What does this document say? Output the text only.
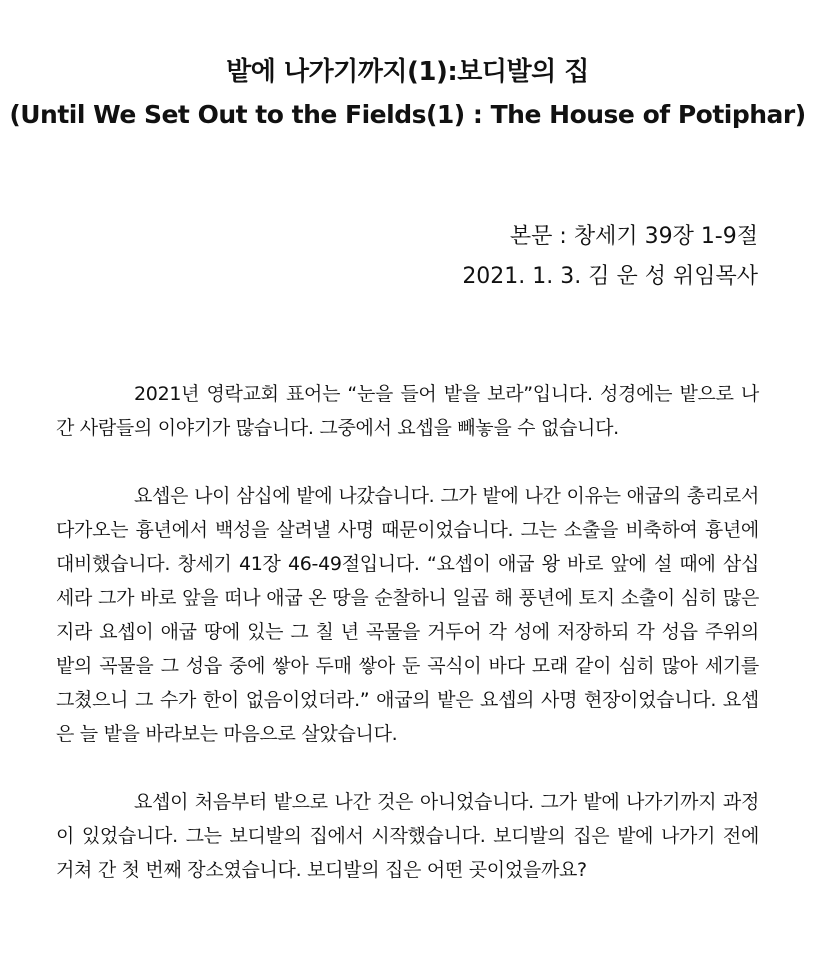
밭에 나가기까지(1):보디발의 집
(Until We Set Out to the Fields(1) : The House of Potiphar)
본문 : 창세기 39장 1-9절
2021. 1. 3. 김 운 성 위임목사

2021년 영락교회 표어는 “눈을 들어 밭을 보라”입니다. 성경에는 밭으로 나간 사람들의 이야기가 많습니다. 그중에서 요셉을 빼놓을 수 없습니다.

요셉은 나이 삼십에 밭에 나갔습니다. 그가 밭에 나간 이유는 애굽의 총리로서 다가오는 흉년에서 백성을 살려낼 사명 때문이었습니다. 그는 소출을 비축하여 흉년에 대비했습니다. 창세기 41장 46-49절입니다. “요셉이 애굽 왕 바로 앞에 설 때에 삼십 세라 그가 바로 앞을 떠나 애굽 온 땅을 순찰하니 일곱 해 풍년에 토지 소출이 심히 많은지라 요셉이 애굽 땅에 있는 그 칠 년 곡물을 거두어 각 성에 저장하되 각 성읍 주위의 밭의 곡물을 그 성읍 중에 쌓아 두매 쌓아 둔 곡식이 바다 모래 같이 심히 많아 세기를 그쳤으니 그 수가 한이 없음이었더라.” 애굽의 밭은 요셉의 사명 현장이었습니다. 요셉은 늘 밭을 바라보는 마음으로 살았습니다.

요셉이 처음부터 밭으로 나간 것은 아니었습니다. 그가 밭에 나가기까지 과정이 있었습니다. 그는 보디발의 집에서 시작했습니다. 보디발의 집은 밭에 나가기 전에 거쳐 간 첫 번째 장소였습니다. 보디발의 집은 어떤 곳이었을까요?
